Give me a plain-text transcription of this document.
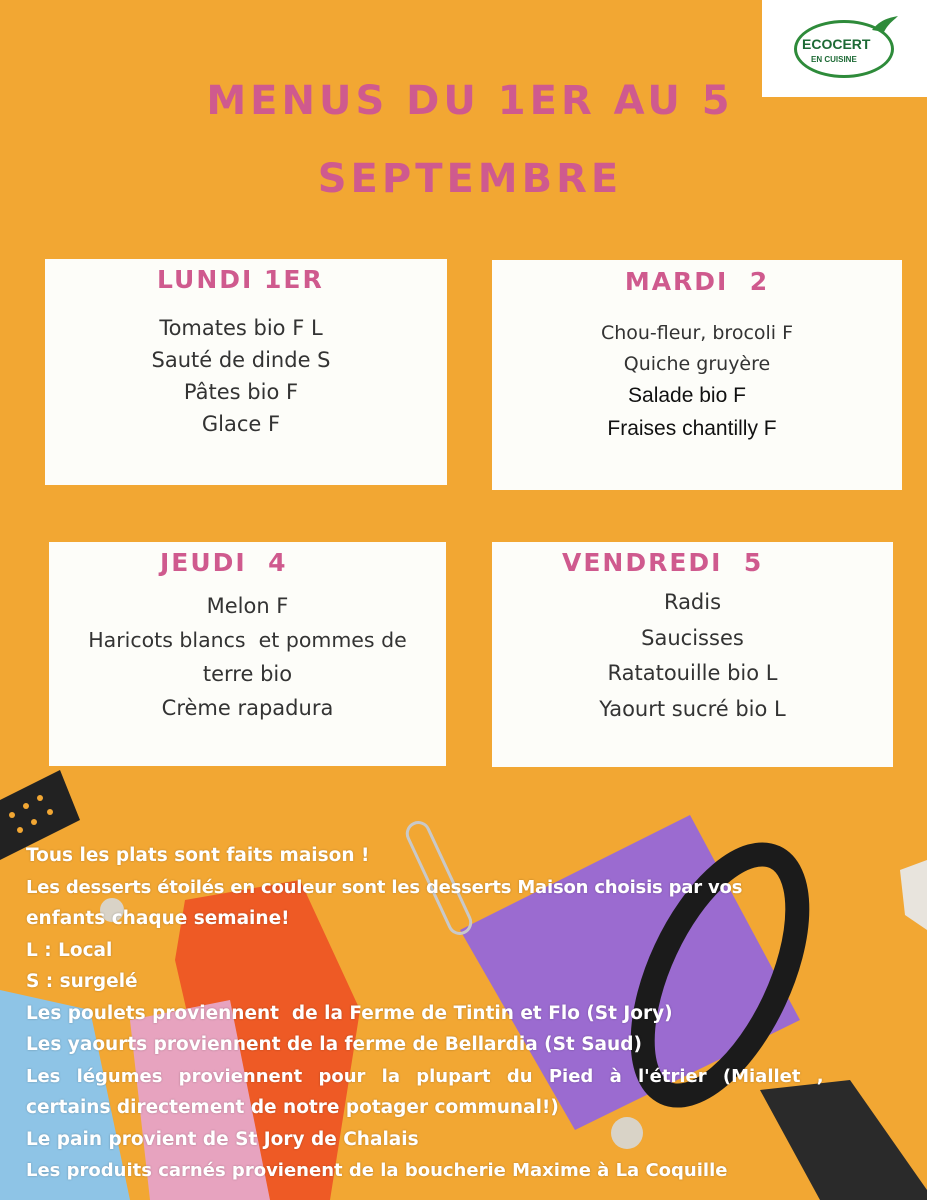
MENUS DU 1ER AU 5
SEPTEMBRE
ECOCERT
EN CUISINE
LUNDI 1ER
Tomates bio F L
Sauté de dinde S
Pâtes bio F
Glace F
MARDI  2
Chou-fleur, brocoli F
Quiche gruyère
Salade bio F
Fraises chantilly F
JEUDI  4
Melon F
Haricots blancs  et pommes de
terre bio
Crème rapadura
VENDREDI  5
Radis
Saucisses
Ratatouille bio L
Yaourt sucré bio L
Tous les plats sont faits maison !
Les desserts étoilés en couleur sont les desserts Maison choisis par vos
enfants chaque semaine!
L : Local
S : surgelé
Les poulets proviennent  de la Ferme de Tintin et Flo (St Jory)
Les yaourts proviennent de la ferme de Bellardia (St Saud)
Les légumes proviennent pour la plupart du Pied à l'étrier (Miallet ,
certains directement de notre potager communal!)
Le pain provient de St Jory de Chalais
Les produits carnés provienent de la boucherie Maxime à La Coquille
